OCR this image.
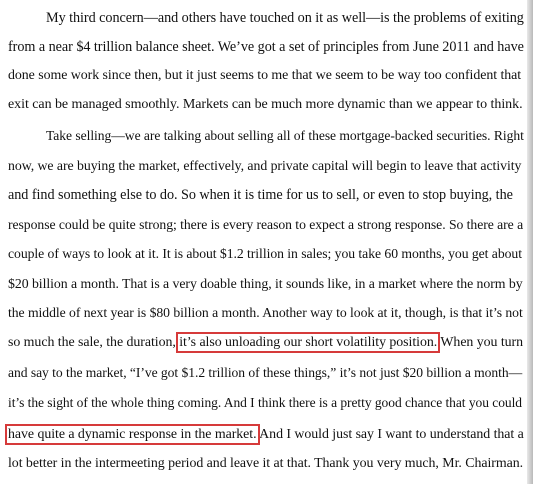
My third concern—and others have touched on it as well—is the problems of exiting
from a near $4 trillion balance sheet. We’ve got a set of principles from June 2011 and have
done some work since then, but it just seems to me that we seem to be way too confident that
exit can be managed smoothly. Markets can be much more dynamic than we appear to think.
Take selling—we are talking about selling all of these mortgage-backed securities. Right
now, we are buying the market, effectively, and private capital will begin to leave that activity
and find something else to do. So when it is time for us to sell, or even to stop buying, the
response could be quite strong; there is every reason to expect a strong response. So there are a
couple of ways to look at it. It is about $1.2 trillion in sales; you take 60 months, you get about
$20 billion a month. That is a very doable thing, it sounds like, in a market where the norm by
the middle of next year is $80 billion a month. Another way to look at it, though, is that it’s not
so much the sale, the duration, it’s also unloading our short volatility position. When you turn
and say to the market, “I’ve got $1.2 trillion of these things,” it’s not just $20 billion a month—
it’s the sight of the whole thing coming. And I think there is a pretty good chance that you could
have quite a dynamic response in the market. And I would just say I want to understand that a
lot better in the intermeeting period and leave it at that. Thank you very much, Mr. Chairman.
